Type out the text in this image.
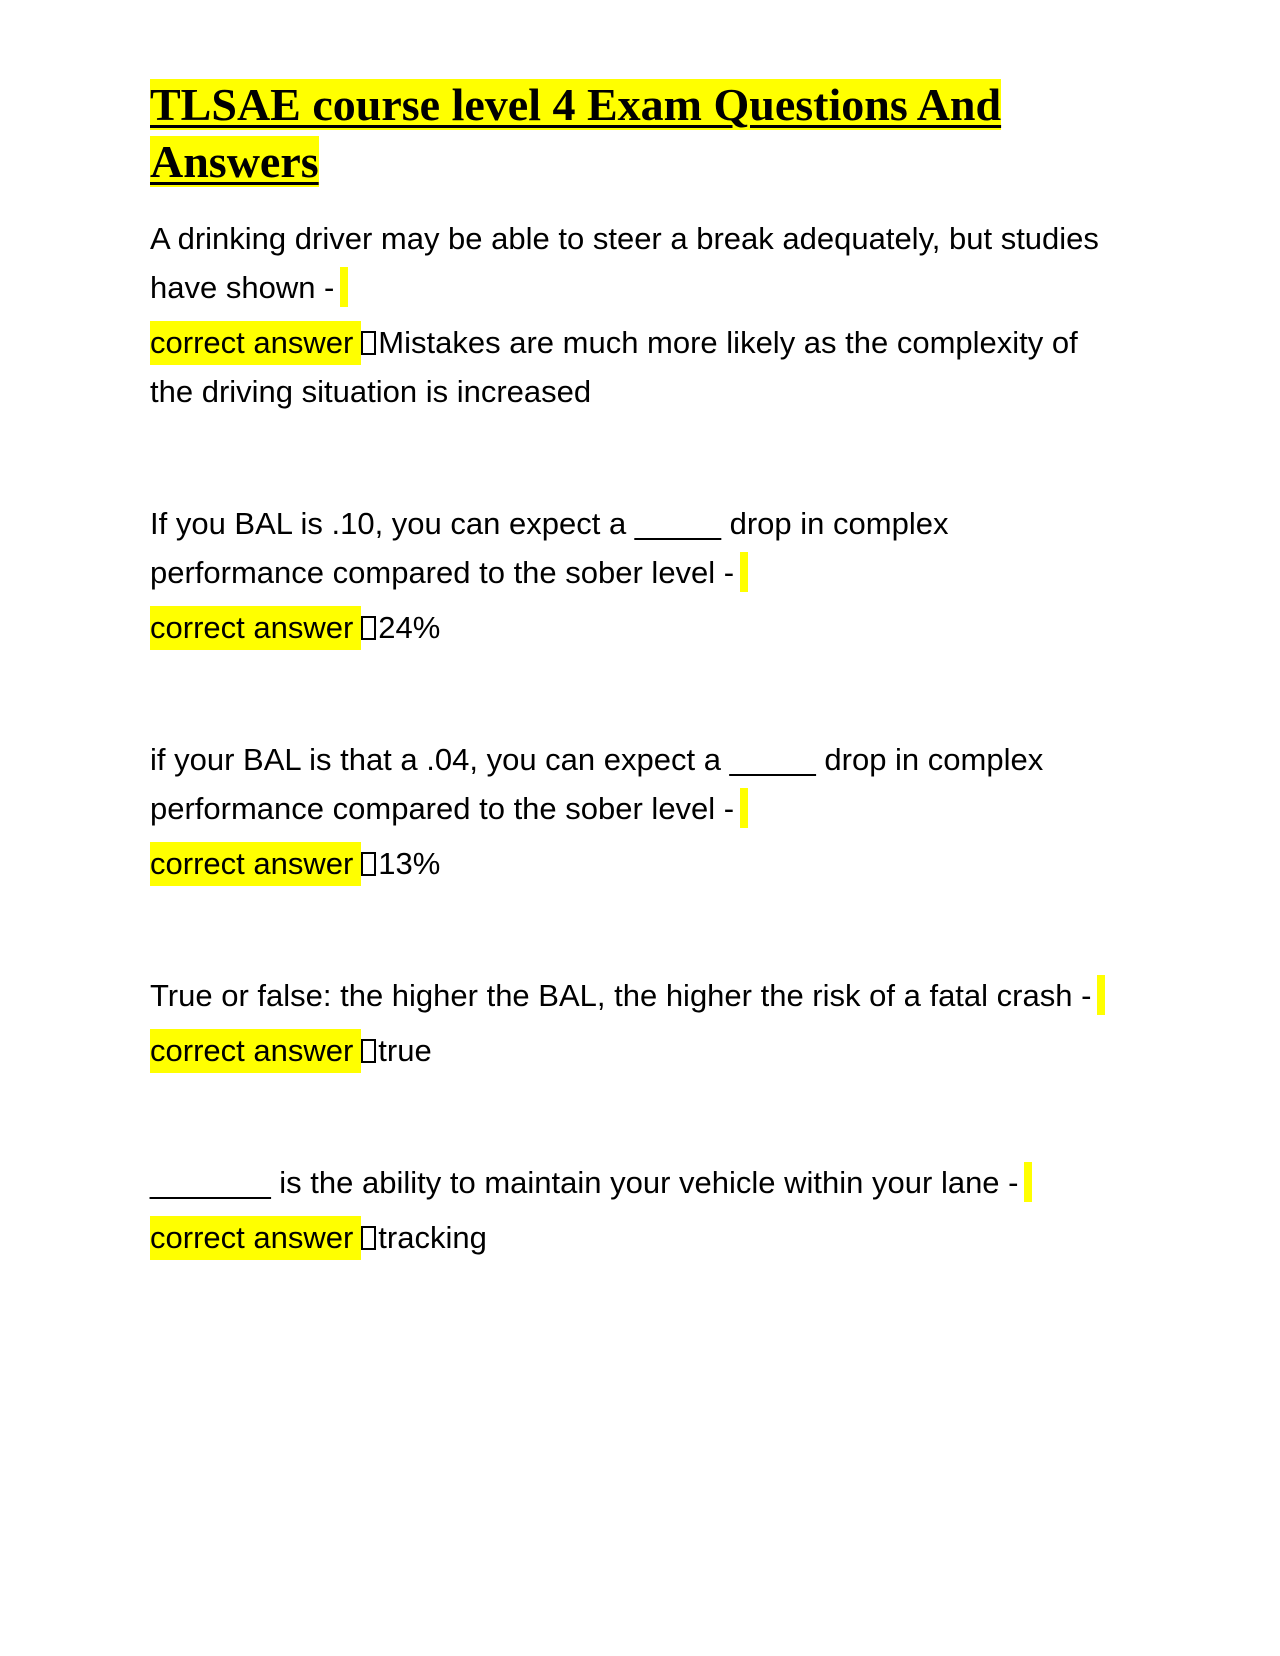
TLSAE course level 4 Exam Questions And Answers

A drinking driver may be able to steer a break adequately, but studies have shown -

correct answer Mistakes are much more likely as the complexity of the driving situation is increased

If you BAL is .10, you can expect a _____ drop in complex performance compared to the sober level -

correct answer 24%

if your BAL is that a .04, you can expect a _____ drop in complex performance compared to the sober level -

correct answer 13%

True or false: the higher the BAL, the higher the risk of a fatal crash -

correct answer true

_______ is the ability to maintain your vehicle within your lane -

correct answer tracking
